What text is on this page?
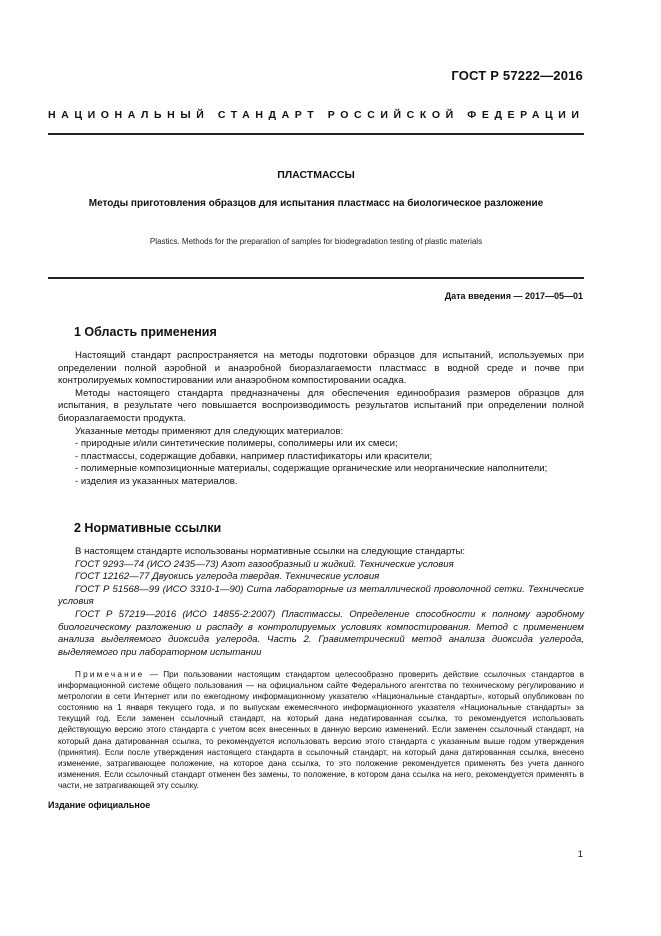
ГОСТ Р 57222—2016
НАЦИОНАЛЬНЫЙ СТАНДАРТ РОССИЙСКОЙ ФЕДЕРАЦИИ
ПЛАСТМАССЫ
Методы приготовления образцов для испытания пластмасс на биологическое разложение
Plastics. Methods for the preparation of samples for biodegradation testing of plastic materials
Дата введения — 2017—05—01
1 Область применения

Настоящий стандарт распространяется на методы подготовки образцов для испытаний, используемых при определении полной аэробной и анаэробной биоразлагаемости пластмасс в водной среде и почве при контролируемых компостировании или анаэробном компостировании осадка.

Методы настоящего стандарта предназначены для обеспечения единообразия размеров образцов для испытания, в результате чего повышается воспроизводимость результатов испытаний при определении полной биоразлагаемости продукта.

Указанные методы применяют для следующих материалов:

- природные и/или синтетические полимеры, сополимеры или их смеси;

- пластмассы, содержащие добавки, например пластификаторы или красители;

- полимерные композиционные материалы, содержащие органические или неорганические наполнители;

- изделия из указанных материалов.

2 Нормативные ссылки

В настоящем стандарте использованы нормативные ссылки на следующие стандарты:

ГОСТ 9293—74 (ИСО 2435—73) Азот газообразный и жидкий. Технические условия

ГОСТ 12162—77 Двуокись углерода твердая. Технические условия

ГОСТ Р 51568—99 (ИСО 3310-1—90) Сита лабораторные из металлической проволочной сетки. Технические условия

ГОСТ Р 57219—2016 (ИСО 14855-2:2007) Пластмассы. Определение способности к полному аэробному биологическому разложению и распаду в контролируемых условиях компостирования. Метод с применением анализа выделяемого диоксида углерода. Часть 2. Гравиметрический метод анализа диоксида углерода, выделяемого при лабораторном испытании

Примечание — При пользовании настоящим стандартом целесообразно проверить действие ссылочных стандартов в информационной системе общего пользования — на официальном сайте Федерального агентства по техническому регулированию и метрологии в сети Интернет или по ежегодному информационному указателю «Национальные стандарты», который опубликован по состоянию на 1 января текущего года, и по выпускам ежемесячного информационного указателя «Национальные стандарты» за текущий год. Если заменен ссылочный стандарт, на который дана недатированная ссылка, то рекомендуется использовать действующую версию этого стандарта с учетом всех внесенных в данную версию изменений. Если заменен ссылочный стандарт, на который дана датированная ссылка, то рекомендуется использовать версию этого стандарта с указанным выше годом утверждения (принятия). Если после утверждения настоящего стандарта в ссылочный стандарт, на который дана датированная ссылка, внесено изменение, затрагивающее положение, на которое дана ссылка, то это положение рекомендуется применять без учета данного изменения. Если ссылочный стандарт отменен без замены, то положение, в котором дана ссылка на него, рекомендуется применять в части, не затрагивающей эту ссылку.

Издание официальное
1
